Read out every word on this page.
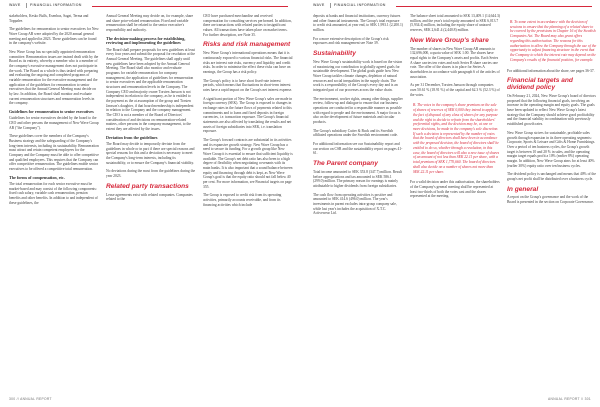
WAVE	FINANCIAL INFORMATION	WAVE	FINANCIAL INFORMATION

stakeholders, Kesko Bulls, Exenbus, Sagat, Terma and Toppalee.

The guidelines for remuneration to senior executives for New Wave Group AB were adopted by the 2020 annual general meeting and applied in 2023. These guidelines can be found in the company's website.

New Wave Group has no specially appointed remuneration committee. Remuneration issues are instead dealt with by the Board as its entirety, whereby a member who is a member of the company's executive management does not participate in the work. The Board as a whole is thus tasked with preparing and evaluating the ongoing and completed programs of variable remuneration for the executive management and the application of the guidelines for remuneration to senior executives that the Annual General Meeting must decide on by law. In addition, the Board shall monitor and evaluate current remuneration structures and remuneration levels in the company.

Guidelines for remuneration to senior executives

Guidelines for senior executives decided by the board to the CEO and other persons the management of New Wave Group AB ("the Company").

These guidelines cover the members of the Company's Business strategy and the safeguarding of the Company's long-term interests, including its sustainability. Remuneration must attract and retain competent employees for the Company and the Company must be able to offer competitive and qualified employees. This requires that the Company can offer competitive remuneration. The guidelines enable senior executives to be offered a competitive total remuneration.

The forms of compensation, etc.

The total remuneration for each senior executive must be market-based and may consist of the following components: fixed cash salary, variable cash remuneration, pension benefits and other benefits. In addition to and independent of these guidelines, the

Annual General Meeting may decide on, for example, share and share price-related remuneration. Fixed and variable remuneration shall be related to the senior executive's responsibility and authority.

The decision-making process for establishing, reviewing and implementing the guidelines

The Board shall prepare proposals for new guidelines at least every four years and submit the proposal for resolution at the Annual General Meeting. The guidelines shall apply until new guidelines have been adopted by the Annual General Meeting. The Board shall also monitor and evaluate programs for variable remuneration for company management, the application of guidelines for remuneration to senior executives and the applicable remuneration structures and remuneration levels in the Company. The Company CEO and majority owner Torsten Jansson is not independent in relation to the company, as he is entitled to the payment as the at assumption of the group and Torsten Jansson's daughter, if that board membership is independent in relation to the Company and the company management. The CEO is not a member of the Board of Directors' consideration of and decisions on remuneration-related matters, other persons in the company management, to the extent they are affected by the issues.

Deviation from the guidelines

The Board may decide to temporarily deviate from the guidelines in whole or in part if there are special reasons and special reasons for this and a deviation is necessary to meet the Company's long-term interests, including its sustainability, or to ensure the Company's financial viability.

No deviations during the most from the guidelines during the year 2023.

Related party transactions

Lease agreements exist with related companies. Companies related to the

CEO have purchased merchandise and received compensation for consulting services performed. In addition, there are transactions with related parties to insignificant values. All transactions have taken place on market terms. For further description, see Note 35.

Risks and risk management

New Wave Group's international operations means that it is continuously exposed to various financial risks. The financial risks are interest rate risks, currency and liquidity and credit risks. In order to minimise the effect these risks can have on earnings, the Group has a risk policy.

The Group's policy is to have short fixed-rate interest periods, which means that fluctuations in short-term interest rates have a rapid impact on the Group's net interest expense.

A significant portion of New Wave Group's sales are made in foreign currency (SEK). The Group is exposed to changes in exchange rates in the future flows of payments related to this commitments and to loans and fixed deposits in foreign currencies, i.e. transaction exposure. The Group's financial statements are also affected by translating the results and net assets of foreign subsidiaries into SEK, i.e. translation exposure.

The Group's forward contracts are substantial in its activities and its expansive growth strategy. New Wave Group has a need to secure its funding. For a growth group like New Wave Group it is essential to ensure that sufficient liquidity is available. The Group's net debt ratio has also been to a high degree of flexibility when negotiating covenants with its main banks. It is also important that a sound balance between equity and financing through debt is kept, as New Wave Group's goal is that the equity ratio should not fall below 40 per cent. For more information, see Financial targets on page 355.

The Group is exposed to credit risk from its operating activities, primarily accounts receivable, and from its financing activities which include

deposits at banks and financial institutions, currency futures and other financial instruments. The Group's total exposure to credit risk amounted, at year end, to SEK 1,993.1 (2,200.1) million.

For a more extensive description of the Group's risk exposures and risk management see Note 39.

Sustainability

New Wave Group's sustainability work is based on the vision of maximizing our contribution to globally agreed goals for sustainable development. The global goals guide how New Wave Group tackles climate changes, depletion of natural resources and social inequalities in the supply chain. The work is a responsibility of the Group's every day and is an integrated part of our processes across the value chain.

The environment, worker rights, among other things, supplier review, follow-up and dialogue to ensure that our business operations are conducted in a responsible manner as possible with regard to people and the environment. A major focus is also on the development of future materials and circular products.

The Group's subsidiary Cutter & Buck and its Swedish affiliated operations under the Swedish environment code.

For additional information see our Sustainability report and our section on CSR and the sustainability report on pages 41-61.

The Parent company

Total income amounted to SEK 353.8 (347.7) million. Result before appropriations and tax amounted to SEK 586.1 (299.0) million. The primary reason for earnings is mainly attributable to higher dividends from foreign subsidiaries.

The cash flow from operating activities is positive and amounted to SEK 414.6 (496.0) million. The year's investments in parent excludes intra-group company sale, while last year's includes the acquisition of X.T.C. Activewear Ltd.

The balance sheet total amounted to SEK 13,409.1 (14,644.3) million, and the year's total equity amounted to SEK 6,013.7 (5,934.4) million, including the equity share of untaxed reserves, SEK 2,641.4 (2,440.8) million.

New Wave Group's share

The number of shares in New Wave Group AB amounts to 132,696,000, a quota value of SEK 1.00. The shares have equal rights to the Company's assets and profits. Each Series A share carries ten votes and each Series B share carries one vote. The offer of the shares is in place for Series A shareholders in accordance with paragraph 6 of the articles of association.

As per 31 December, Torsten Jansson through companies own 50.61 % (18.91 %) of the capital and 62.3 % (52.3 %) of the votes.

B. The votes in the company's share premium on the sale of shares of reserves of SEK 0,000 they intend to apply to the fact of disposal of any class of shares for any purpose and the right to decide to refrain from the shareholders' preferential rights, and the decision may be, at one or more decisions, be made in the company's sole discretion. If such a decision is represented by the number of votes that the board of directors shall have been in accordance with the proposed decision, the board of directors shall be entitled to do so, whether through a resolution, in this case, the board of directors will also a new issue of shares of an amount of not less than SEK 22.11 per share, with a total premium of SEK 1,770,660. The board of directors shall also decide on a number of shares not more than SEK 22.11 per share.

For a valid decision under this authorisation, the shareholders of the Company's general meeting shall be represented at least two-thirds of both the votes cast and the shares represented at the meeting.

B. To some extent in accordance with the decision of sessions to ensure that the planning of a related share to be covered by the provisions in Chapter 16 of the Swedish Companies Act. The Board may also grant offers regarding this authorisation. The reasons for this authorisation to allow the Company through the use of the opportunity to adjust financing structure in the event that the Company to which the interest rate may depend on the Company's results of the financial position, for example.

For additional information about the share, see pages 36-37.

Financial targets and dividend policy

On February 21, 2024, New Wave Group's board of directors proposed that the following financial goals, involving an increase in the operating margin and equity goals. The goals have been updated to reflect New Wave Group's latest strategy that the Company should achieve good profitability and the financial stability in combination with previously established growth rates.

New Wave Group strives for sustainable, profitable sales growth through expansion in its three operating segments: Corporate, Sports & Leisure and Gifts & Home Furnishings. Over a period of ten business cycles, the Group's growth target is between 10 and 20 % in sales, and the operating margin target equals profit a 10% (earlier 8%) operating margin. In addition, New Wave Group aims for at least 40% (earlier 30%) equity ratio over ten business cycles.

The dividend policy is unchanged and means that 40% of the group's net profit shall be distributed over a business cycle.

In general

A report on the Group's governance and the work of the Board is presented in the section on Corporate Governance.

300 // ANNUAL REPORT	ANNUAL REPORT // 301
